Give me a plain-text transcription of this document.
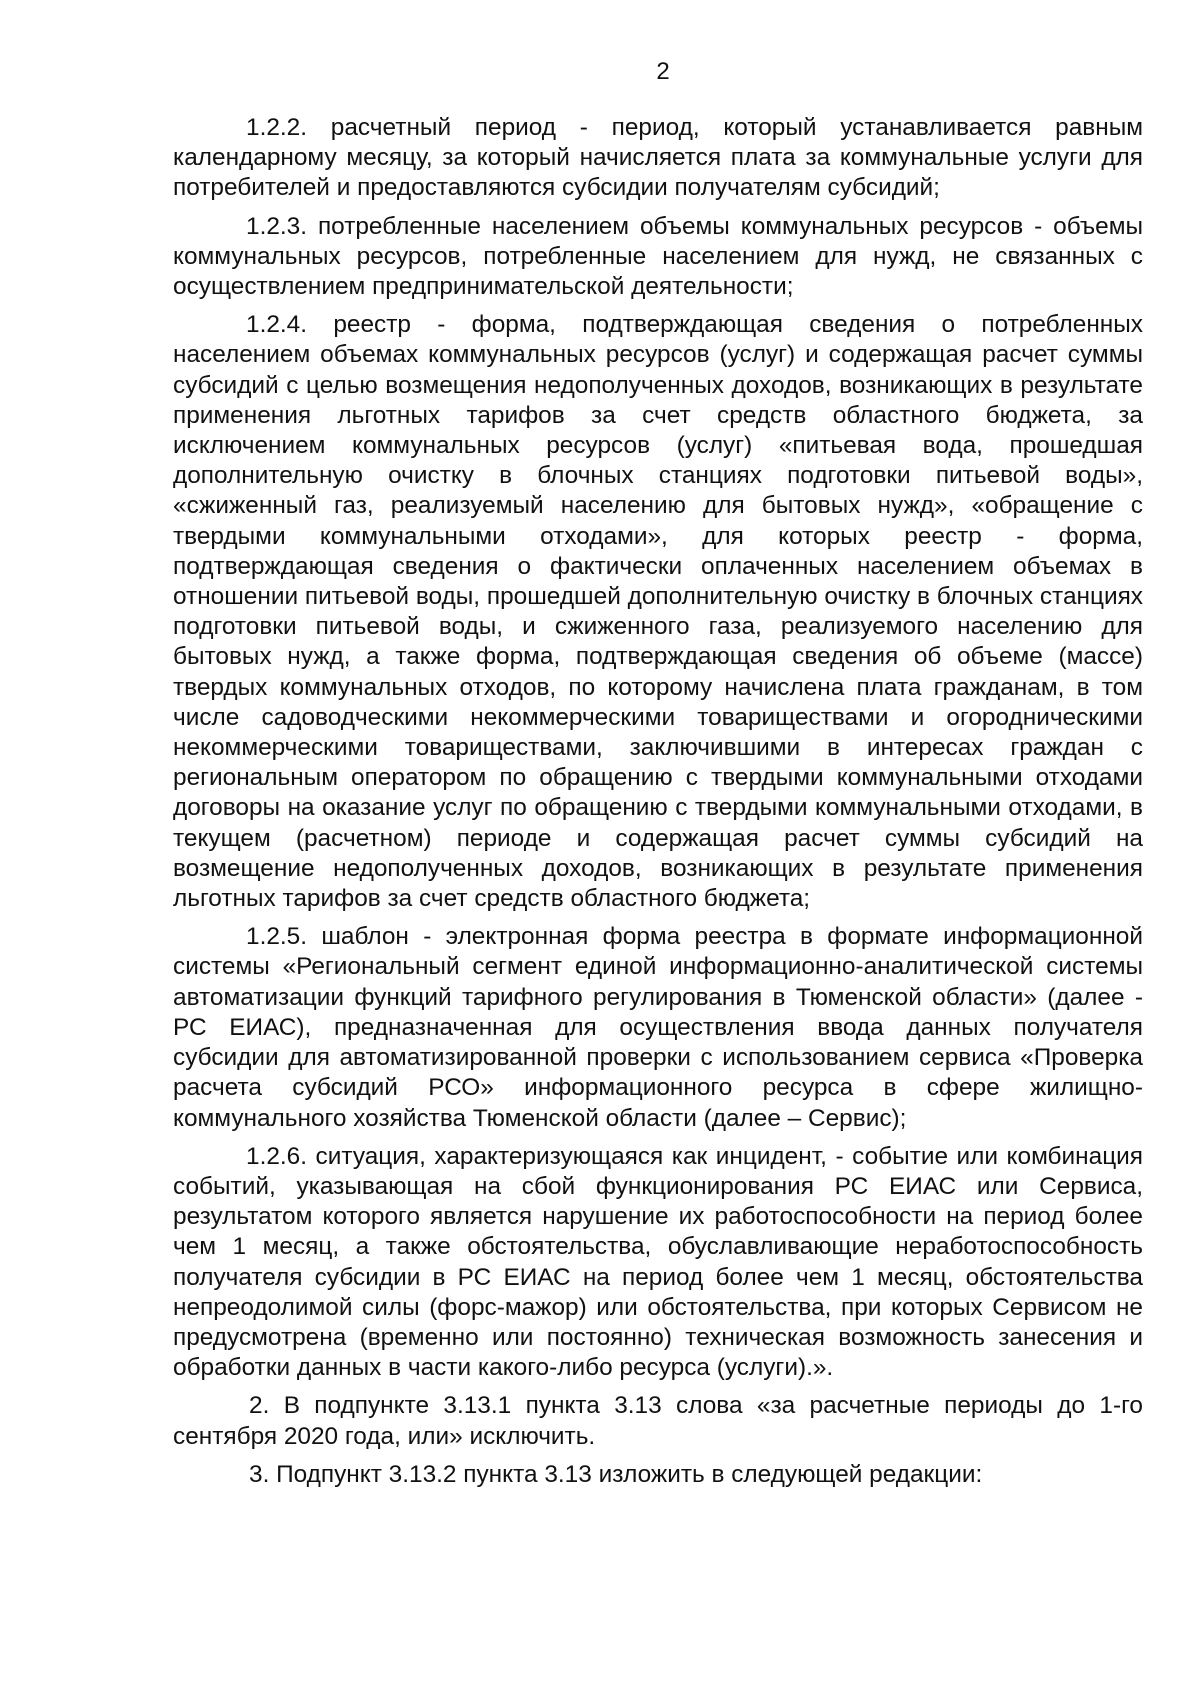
2

1.2.2. расчетный период - период, который устанавливается равным календарному месяцу, за который начисляется плата за коммунальные услуги для потребителей и предоставляются субсидии получателям субсидий;

1.2.3. потребленные населением объемы коммунальных ресурсов - объемы коммунальных ресурсов, потребленные населением для нужд, не связанных с осуществлением предпринимательской деятельности;

1.2.4. реестр - форма, подтверждающая сведения о потребленных населением объемах коммунальных ресурсов (услуг) и содержащая расчет суммы субсидий с целью возмещения недополученных доходов, возникающих в результате применения льготных тарифов за счет средств областного бюджета, за исключением коммунальных ресурсов (услуг) «питьевая вода, прошедшая дополнительную очистку в блочных станциях подготовки питьевой воды», «сжиженный газ, реализуемый населению для бытовых нужд», «обращение с твердыми коммунальными отходами», для которых реестр - форма, подтверждающая сведения о фактически оплаченных населением объемах в отношении питьевой воды, прошедшей дополнительную очистку в блочных станциях подготовки питьевой воды, и сжиженного газа, реализуемого населению для бытовых нужд, а также форма, подтверждающая сведения об объеме (массе) твердых коммунальных отходов, по которому начислена плата гражданам, в том числе садоводческими некоммерческими товариществами и огородническими некоммерческими товариществами, заключившими в интересах граждан с региональным оператором по обращению с твердыми коммунальными отходами договоры на оказание услуг по обращению с твердыми коммунальными отходами, в текущем (расчетном) периоде и содержащая расчет суммы субсидий на возмещение недополученных доходов, возникающих в результате применения льготных тарифов за счет средств областного бюджета;

1.2.5. шаблон - электронная форма реестра в формате информационной системы «Региональный сегмент единой информационно-аналитической системы автоматизации функций тарифного регулирования в Тюменской области» (далее - РС ЕИАС), предназначенная для осуществления ввода данных получателя субсидии для автоматизированной проверки с использованием сервиса «Проверка расчета субсидий РСО» информационного ресурса в сфере жилищно-коммунального хозяйства Тюменской области (далее – Сервис);

1.2.6. ситуация, характеризующаяся как инцидент, - событие или комбинация событий, указывающая на сбой функционирования РС ЕИАС или Сервиса, результатом которого является нарушение их работоспособности на период более чем 1 месяц, а также обстоятельства, обуславливающие неработоспособность получателя субсидии в РС ЕИАС на период более чем 1 месяц, обстоятельства непреодолимой силы (форс-мажор) или обстоятельства, при которых Сервисом не предусмотрена (временно или постоянно) техническая возможность занесения и обработки данных в части какого-либо ресурса (услуги).».

2. В подпункте 3.13.1 пункта 3.13 слова «за расчетные периоды до 1-го сентября 2020 года, или» исключить.

3. Подпункт 3.13.2 пункта 3.13 изложить в следующей редакции:
